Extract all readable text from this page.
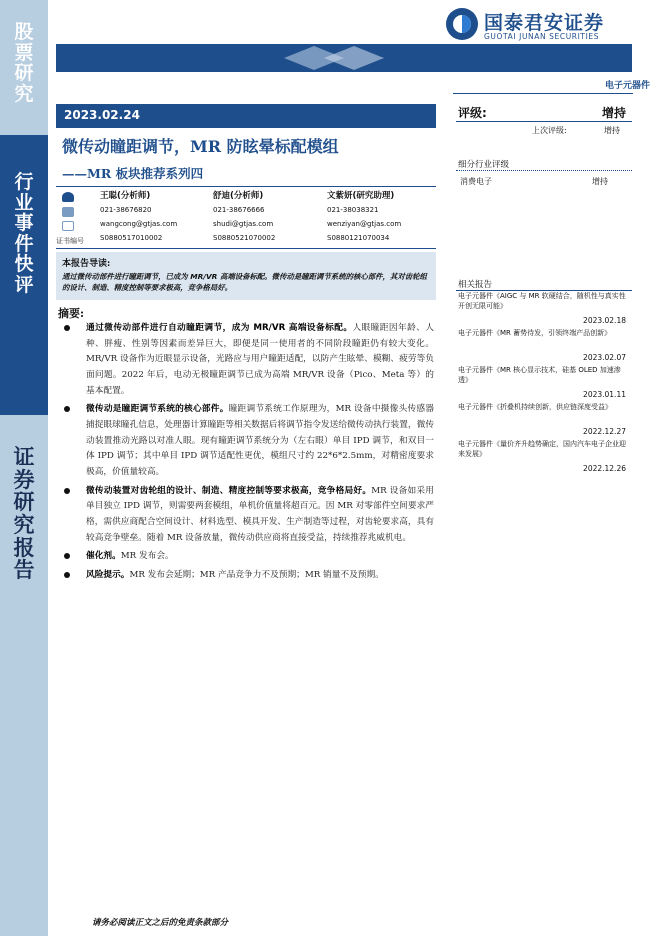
股
票
研
究
行
业
事
件
快
评
证
券
研
究
报
告
国泰君安证券
GUOTAI JUNAN SECURITIES
电子元器件
2023.02.24
微传动瞳距调节，MR 防眩晕标配模组
——MR 板块推荐系列四
评级:	增持
上次评级:	增持
细分行业评级
消费电子	增持
证书编号
王聪(分析师)
021-38676820
wangcong@gtjas.com
S0880517010002
舒迪(分析师)
021-38676666
shudi@gtjas.com
S0880521070002
文紫妍(研究助理)
021-38038321
wenziyan@gtjas.com
S0880121070034
本报告导读:
通过微传动部件进行瞳距调节，已成为 MR/VR 高端设备标配。微传动是瞳距调节系统的核心部件，其对齿轮组的设计、制造、精度控制等要求极高，竞争格局好。
摘要:
通过微传动部件进行自动瞳距调节，成为 MR/VR 高端设备标配。人眼瞳距因年龄、人种、胖瘦、性别等因素而差异巨大，即便是同一使用者的不同阶段瞳距仍有较大变化。MR/VR 设备作为近眼显示设备，光路应与用户瞳距适配，以防产生眩晕、模糊、疲劳等负面问题。2022 年后，电动无极瞳距调节已成为高端 MR/VR 设备（Pico、Meta 等）的基本配置。
微传动是瞳距调节系统的核心部件。瞳距调节系统工作原理为，MR 设备中摄像头传感器捕捉眼球瞳孔信息，处理器计算瞳距等相关数据后将调节指令发送给微传动执行装置，微传动装置推动光路以对准人眼。现有瞳距调节系统分为（左右眼）单目 IPD 调节，和双目一体 IPD 调节；其中单目 IPD 调节适配性更优，模组尺寸约 22*6*2.5mm，对精密度要求极高，价值量较高。
微传动装置对齿轮组的设计、制造、精度控制等要求极高，竞争格局好。MR 设备如采用单目独立 IPD 调节，则需要两套模组，单机价值量将超百元。因 MR 对零部件空间要求严格，需供应商配合空间设计、材料选型、模具开发、生产制造等过程，对齿轮要求高，具有较高竞争壁垒。随着 MR 设备放量，微传动供应商将直接受益，持续推荐兆威机电。
催化剂。MR 发布会。
风险提示。MR 发布会延期；MR 产品竞争力不及预期；MR 销量不及预期。
相关报告
电子元器件《AIGC 与 MR 软硬结合，随机性与真实性开创无限可能》
2023.02.18
电子元器件《MR 蓄势待发，引领终端产品创新》
2023.02.07
电子元器件《MR 核心显示技术，硅基 OLED 加速渗透》
2023.01.11
电子元器件《折叠机持续创新，供应链深度受益》
2022.12.27
电子元器件《量价齐升趋势确定，国内汽车电子企业迎来发展》
2022.12.26
请务必阅读正文之后的免责条款部分
